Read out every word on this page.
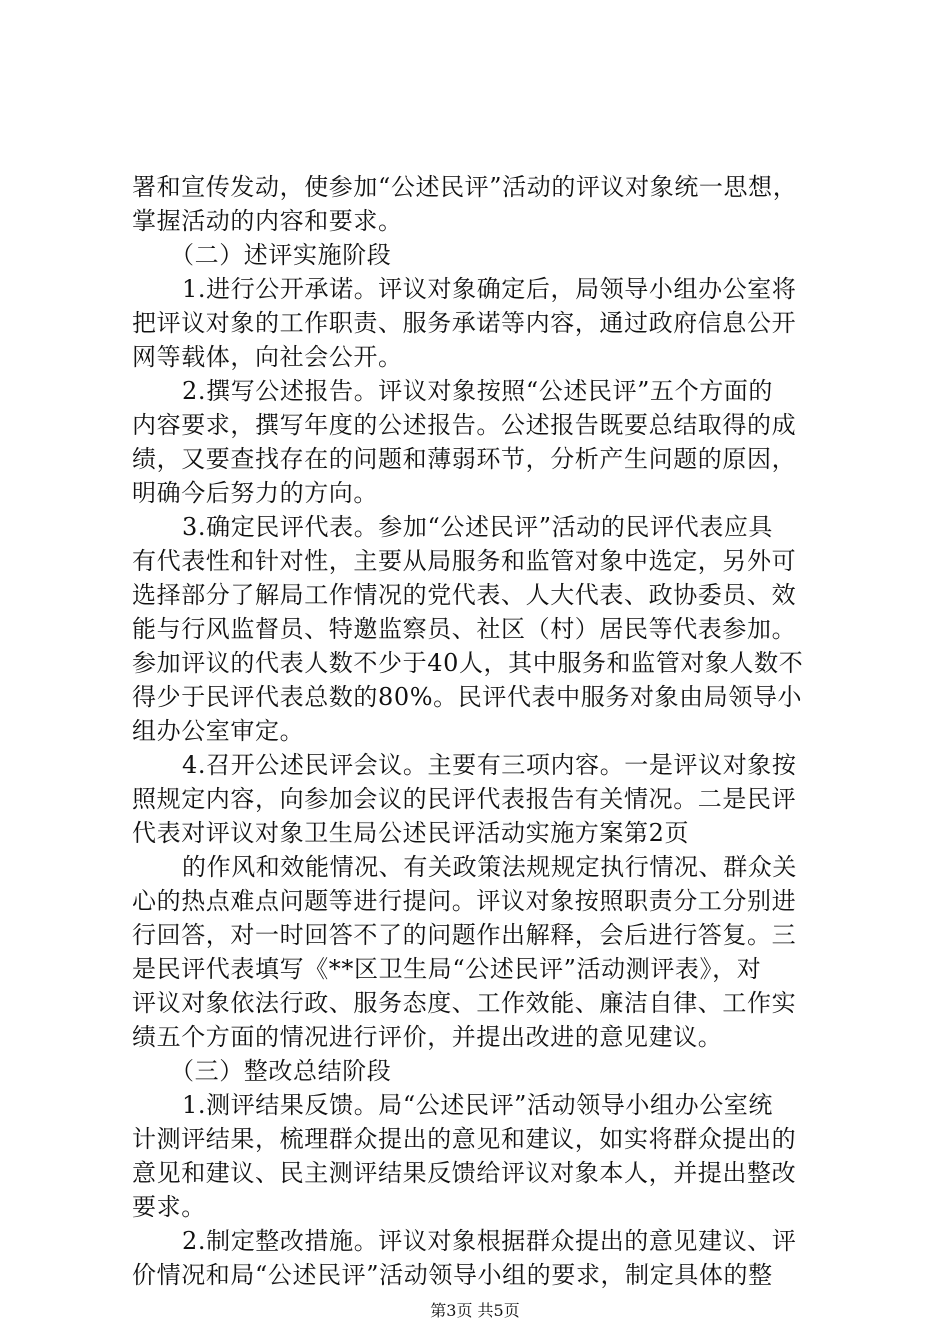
署和宣传发动，使参加“公述民评”活动的评议对象统一思想，
掌握活动的内容和要求。
（二）述评实施阶段
1.进行公开承诺。评议对象确定后，局领导小组办公室将
把评议对象的工作职责、服务承诺等内容，通过政府信息公开
网等载体，向社会公开。
2.撰写公述报告。评议对象按照“公述民评”五个方面的
内容要求，撰写年度的公述报告。公述报告既要总结取得的成
绩，又要查找存在的问题和薄弱环节，分析产生问题的原因，
明确今后努力的方向。
3.确定民评代表。参加“公述民评”活动的民评代表应具
有代表性和针对性，主要从局服务和监管对象中选定，另外可
选择部分了解局工作情况的党代表、人大代表、政协委员、效
能与行风监督员、特邀监察员、社区（村）居民等代表参加。
参加评议的代表人数不少于40人，其中服务和监管对象人数不
得少于民评代表总数的80%。民评代表中服务对象由局领导小
组办公室审定。
4.召开公述民评会议。主要有三项内容。一是评议对象按
照规定内容，向参加会议的民评代表报告有关情况。二是民评
代表对评议对象卫生局公述民评活动实施方案第2页
的作风和效能情况、有关政策法规规定执行情况、群众关
心的热点难点问题等进行提问。评议对象按照职责分工分别进
行回答，对一时回答不了的问题作出解释，会后进行答复。三
是民评代表填写《**区卫生局“公述民评”活动测评表》，对
评议对象依法行政、服务态度、工作效能、廉洁自律、工作实
绩五个方面的情况进行评价，并提出改进的意见建议。
（三）整改总结阶段
1.测评结果反馈。局“公述民评”活动领导小组办公室统
计测评结果，梳理群众提出的意见和建议，如实将群众提出的
意见和建议、民主测评结果反馈给评议对象本人，并提出整改
要求。
2.制定整改措施。评议对象根据群众提出的意见建议、评
价情况和局“公述民评”活动领导小组的要求，制定具体的整
第3页 共5页
